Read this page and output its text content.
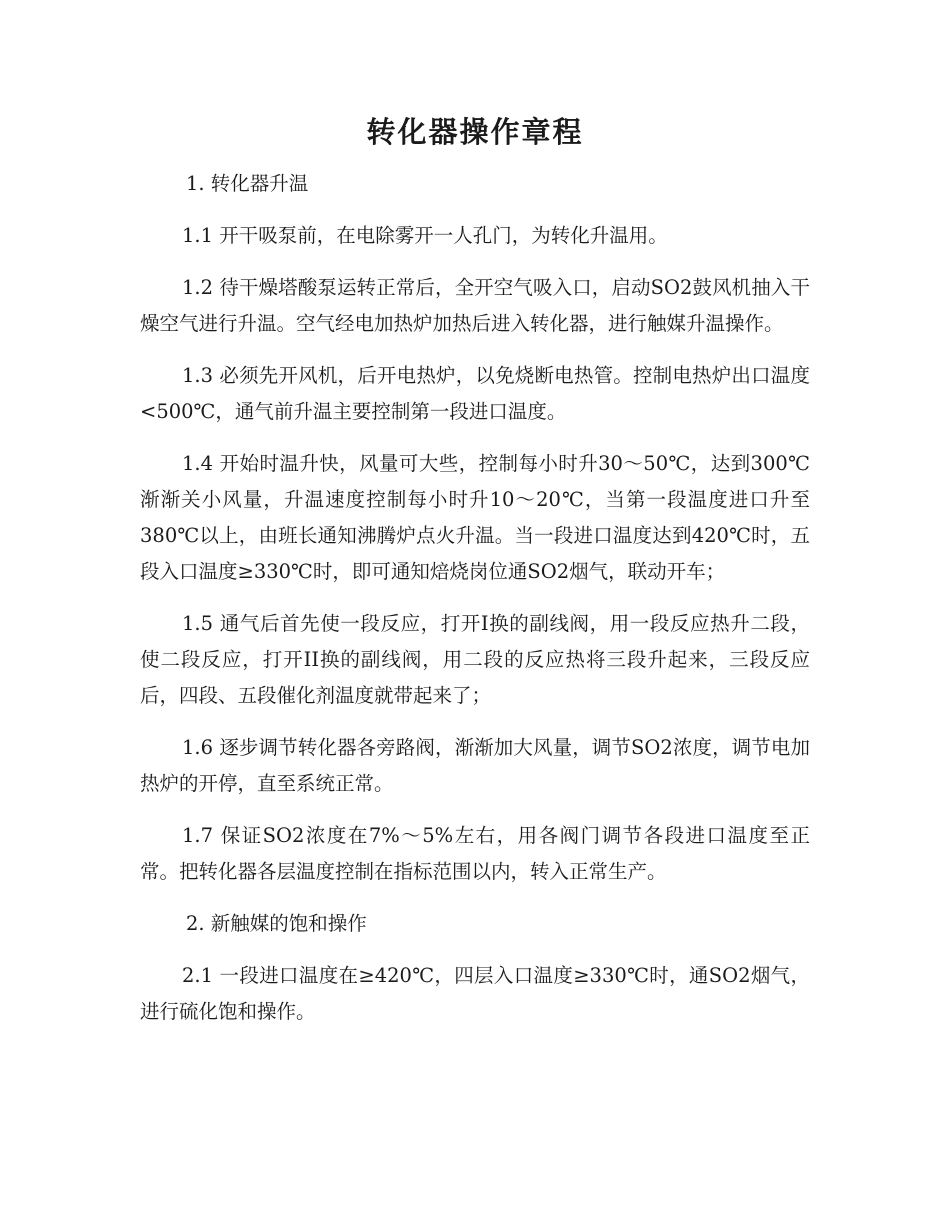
转化器操作章程

1. 转化器升温

1.1 开干吸泵前，在电除雾开一人孔门，为转化升温用。

1.2 待干燥塔酸泵运转正常后，全开空气吸入口，启动SO2鼓风机抽入干燥空气进行升温。空气经电加热炉加热后进入转化器，进行触媒升温操作。

1.3 必须先开风机，后开电热炉，以免烧断电热管。控制电热炉出口温度<500℃，通气前升温主要控制第一段进口温度。

1.4 开始时温升快，风量可大些，控制每小时升30～50℃，达到300℃渐渐关小风量，升温速度控制每小时升10～20℃，当第一段温度进口升至380℃以上，由班长通知沸腾炉点火升温。当一段进口温度达到420℃时，五段入口温度≥330℃时，即可通知焙烧岗位通SO2烟气，联动开车；

1.5 通气后首先使一段反应，打开I换的副线阀，用一段反应热升二段，使二段反应，打开II换的副线阀，用二段的反应热将三段升起来，三段反应后，四段、五段催化剂温度就带起来了；

1.6 逐步调节转化器各旁路阀，渐渐加大风量，调节SO2浓度，调节电加热炉的开停，直至系统正常。

1.7 保证SO2浓度在7%～5%左右，用各阀门调节各段进口温度至正常。把转化器各层温度控制在指标范围以内，转入正常生产。

2. 新触媒的饱和操作

2.1 一段进口温度在≥420℃，四层入口温度≥330℃时，通SO2烟气，进行硫化饱和操作。
